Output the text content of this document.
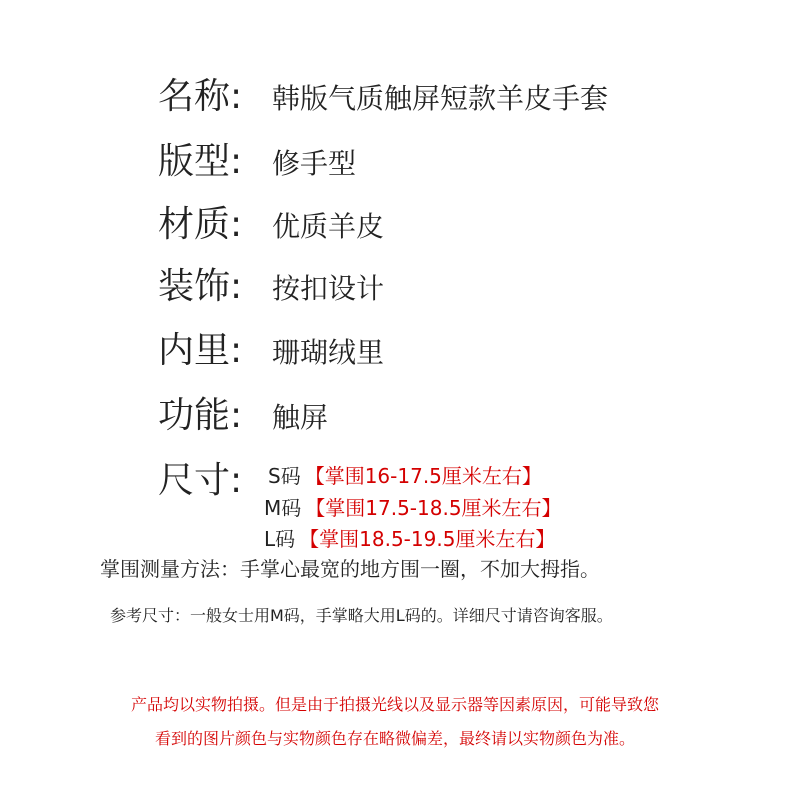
名称:	韩版气质触屏短款羊皮手套
版型:	修手型
材质:	优质羊皮
装饰:	按扣设计
内里:	珊瑚绒里
功能:	触屏
尺寸:	S码 【掌围16-17.5厘米左右】
M码 【掌围17.5-18.5厘米左右】
L码 【掌围18.5-19.5厘米左右】
掌围测量方法：手掌心最宽的地方围一圈，不加大拇指。
参考尺寸：一般女士用M码，手掌略大用L码的。详细尺寸请咨询客服。
产品均以实物拍摄。但是由于拍摄光线以及显示器等因素原因，可能导致您
看到的图片颜色与实物颜色存在略微偏差，最终请以实物颜色为准。
